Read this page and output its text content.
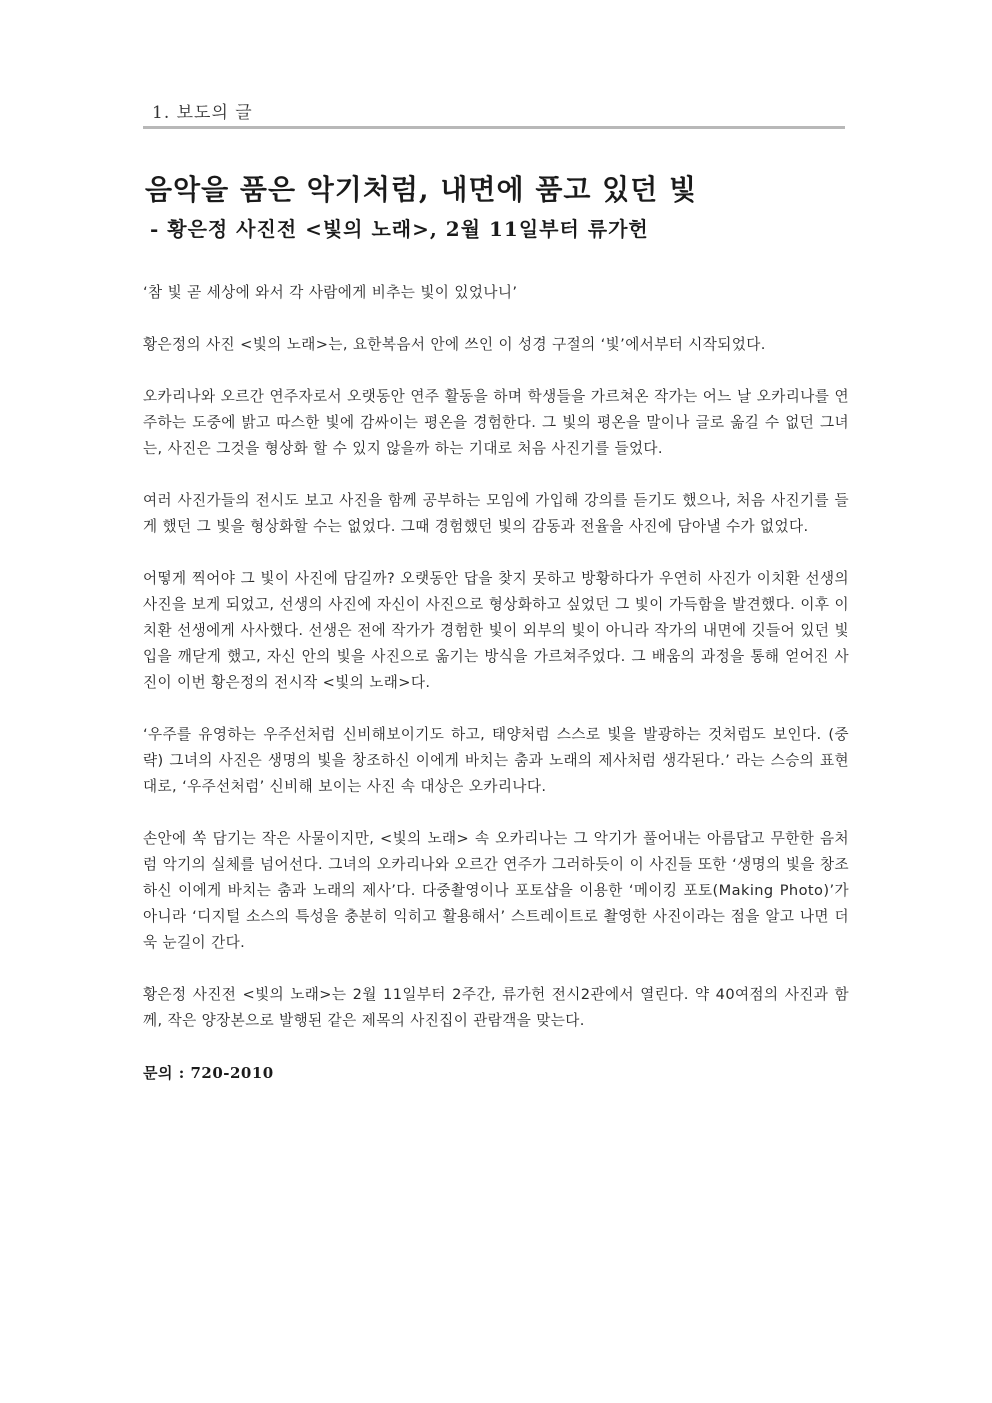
1. 보도의 글
음악을 품은 악기처럼, 내면에 품고 있던 빛
- 황은정 사진전 <빛의 노래>, 2월 11일부터 류가헌

‘참 빛 곧 세상에 와서 각 사람에게 비추는 빛이 있었나니’

황은정의 사진 <빛의 노래>는, 요한복음서 안에 쓰인 이 성경 구절의 ‘빛’에서부터 시작되었다.

오카리나와 오르간 연주자로서 오랫동안 연주 활동을 하며 학생들을 가르쳐온 작가는 어느 날 오카리나를 연주하는 도중에 밝고 따스한 빛에 감싸이는 평온을 경험한다. 그 빛의 평온을 말이나 글로 옮길 수 없던 그녀는, 사진은 그것을 형상화 할 수 있지 않을까 하는 기대로 처음 사진기를 들었다.

여러 사진가들의 전시도 보고 사진을 함께 공부하는 모임에 가입해 강의를 듣기도 했으나, 처음 사진기를 들게 했던 그 빛을 형상화할 수는 없었다. 그때 경험했던 빛의 감동과 전율을 사진에 담아낼 수가 없었다.

어떻게 찍어야 그 빛이 사진에 담길까? 오랫동안 답을 찾지 못하고 방황하다가 우연히 사진가 이치환 선생의 사진을 보게 되었고, 선생의 사진에 자신이 사진으로 형상화하고 싶었던 그 빛이 가득함을 발견했다. 이후 이치환 선생에게 사사했다. 선생은 전에 작가가 경험한 빛이 외부의 빛이 아니라 작가의 내면에 깃들어 있던 빛입을 깨닫게 했고, 자신 안의 빛을 사진으로 옮기는 방식을 가르쳐주었다. 그 배움의 과정을 통해 얻어진 사진이 이번 황은정의 전시작 <빛의 노래>다.

‘우주를 유영하는 우주선처럼 신비해보이기도 하고, 태양처럼 스스로 빛을 발광하는 것처럼도 보인다. (중략) 그녀의 사진은 생명의 빛을 창조하신 이에게 바치는 춤과 노래의 제사처럼 생각된다.’ 라는 스승의 표현대로, ‘우주선처럼’ 신비해 보이는 사진 속 대상은 오카리나다.

손안에 쏙 담기는 작은 사물이지만, <빛의 노래> 속 오카리나는 그 악기가 풀어내는 아름답고 무한한 음처럼 악기의 실체를 넘어선다. 그녀의 오카리나와 오르간 연주가 그러하듯이 이 사진들 또한 ‘생명의 빛을 창조하신 이에게 바치는 춤과 노래의 제사’다. 다중촬영이나 포토샵을 이용한 ‘메이킹 포토(Making Photo)’가 아니라 ‘디지털 소스의 특성을 충분히 익히고 활용해서’ 스트레이트로 촬영한 사진이라는 점을 알고 나면 더욱 눈길이 간다.

황은정 사진전 <빛의 노래>는 2월 11일부터 2주간, 류가헌 전시2관에서 열린다. 약 40여점의 사진과 함께, 작은 양장본으로 발행된 같은 제목의 사진집이 관람객을 맞는다.

문의 : 720-2010
